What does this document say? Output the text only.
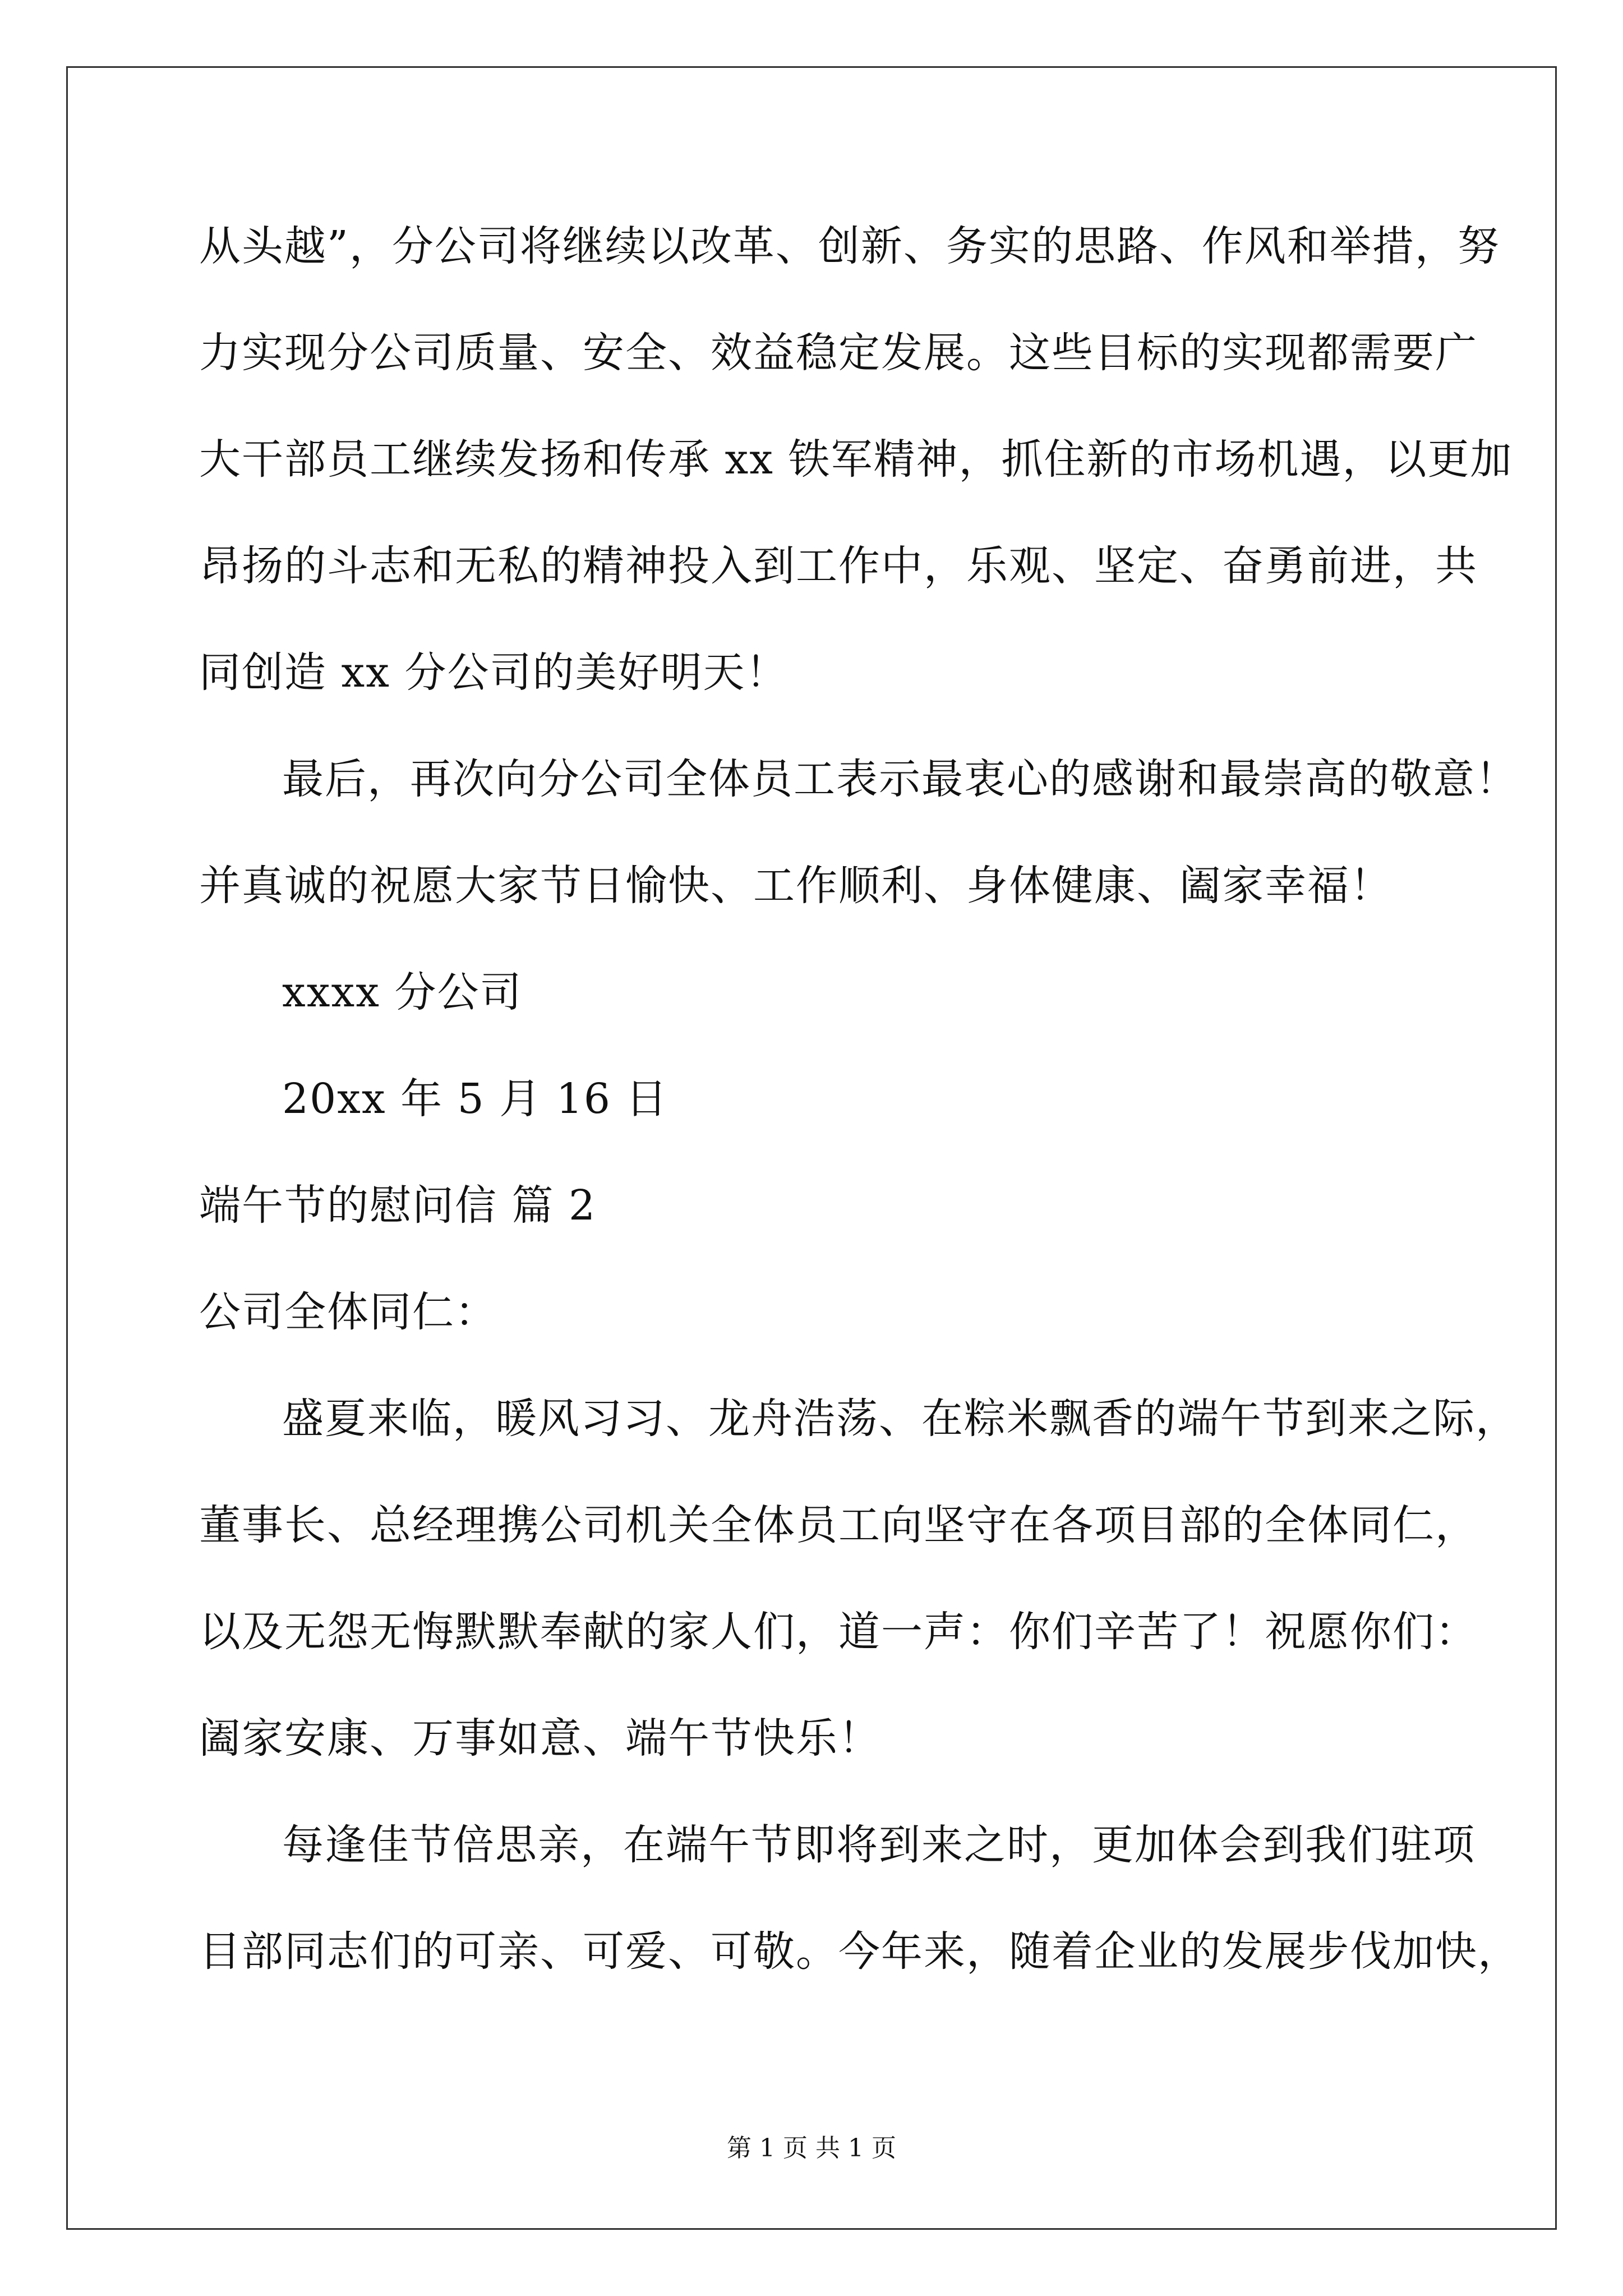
从头越”，分公司将继续以改革、创新、务实的思路、作风和举措，努
力实现分公司质量、安全、效益稳定发展。这些目标的实现都需要广
大干部员工继续发扬和传承 xx 铁军精神，抓住新的市场机遇，以更加
昂扬的斗志和无私的精神投入到工作中，乐观、坚定、奋勇前进，共
同创造 xx 分公司的美好明天！
最后，再次向分公司全体员工表示最衷心的感谢和最崇高的敬意！
并真诚的祝愿大家节日愉快、工作顺利、身体健康、阖家幸福！
xxxx 分公司
20xx 年 5 月 16 日
端午节的慰问信 篇 2
公司全体同仁：
盛夏来临，暖风习习、龙舟浩荡、在粽米飘香的端午节到来之际，
董事长、总经理携公司机关全体员工向坚守在各项目部的全体同仁，
以及无怨无悔默默奉献的家人们，道一声：你们辛苦了！祝愿你们：
阖家安康、万事如意、端午节快乐！
每逢佳节倍思亲，在端午节即将到来之时，更加体会到我们驻项
目部同志们的可亲、可爱、可敬。今年来，随着企业的发展步伐加快，
第 1 页 共 1 页
